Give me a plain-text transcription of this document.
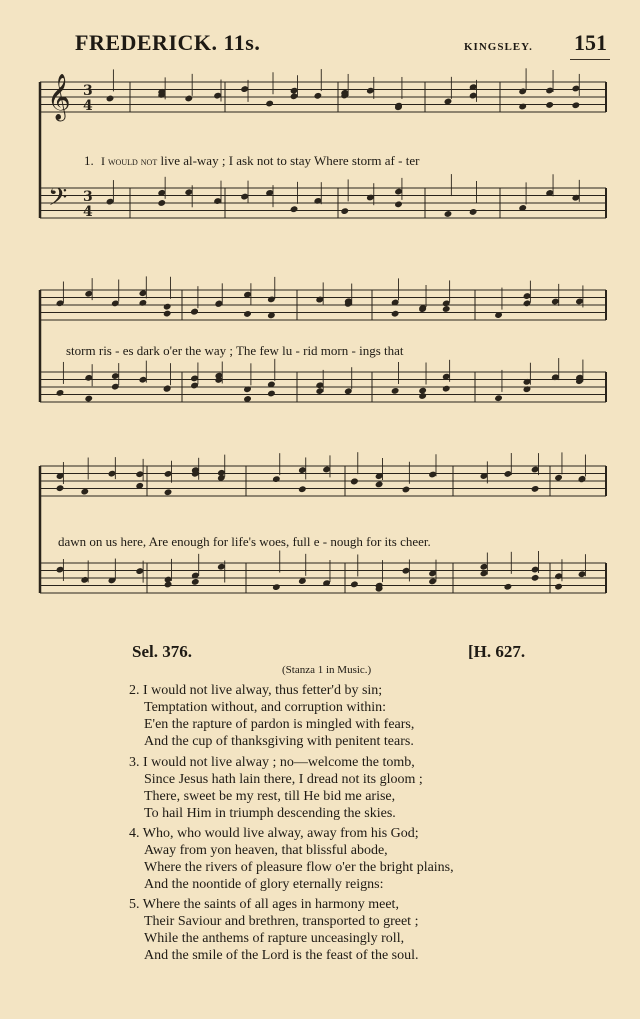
FREDERICK. 11s.	KINGSLEY. 151
𝄞
𝄢
3
4
3
4
1. I would not live al-way ; I ask not to stay Where storm af - ter
storm ris - es dark o'er the way ; The few lu - rid morn - ings that
dawn on us here, Are enough for life's woes, full e - nough for its cheer.
Sel. 376.	[H. 627.
(Stanza 1 in Music.)
2. I would not live alway, thus fetter'd by sin;
Temptation without, and corruption within:
E'en the rapture of pardon is mingled with fears,
And the cup of thanksgiving with penitent tears.
3. I would not live alway ; no—welcome the tomb,
Since Jesus hath lain there, I dread not its gloom ;
There, sweet be my rest, till He bid me arise,
To hail Him in triumph descending the skies.
4. Who, who would live alway, away from his God;
Away from yon heaven, that blissful abode,
Where the rivers of pleasure flow o'er the bright plains,
And the noontide of glory eternally reigns:
5. Where the saints of all ages in harmony meet,
Their Saviour and brethren, transported to greet ;
While the anthems of rapture unceasingly roll,
And the smile of the Lord is the feast of the soul.
